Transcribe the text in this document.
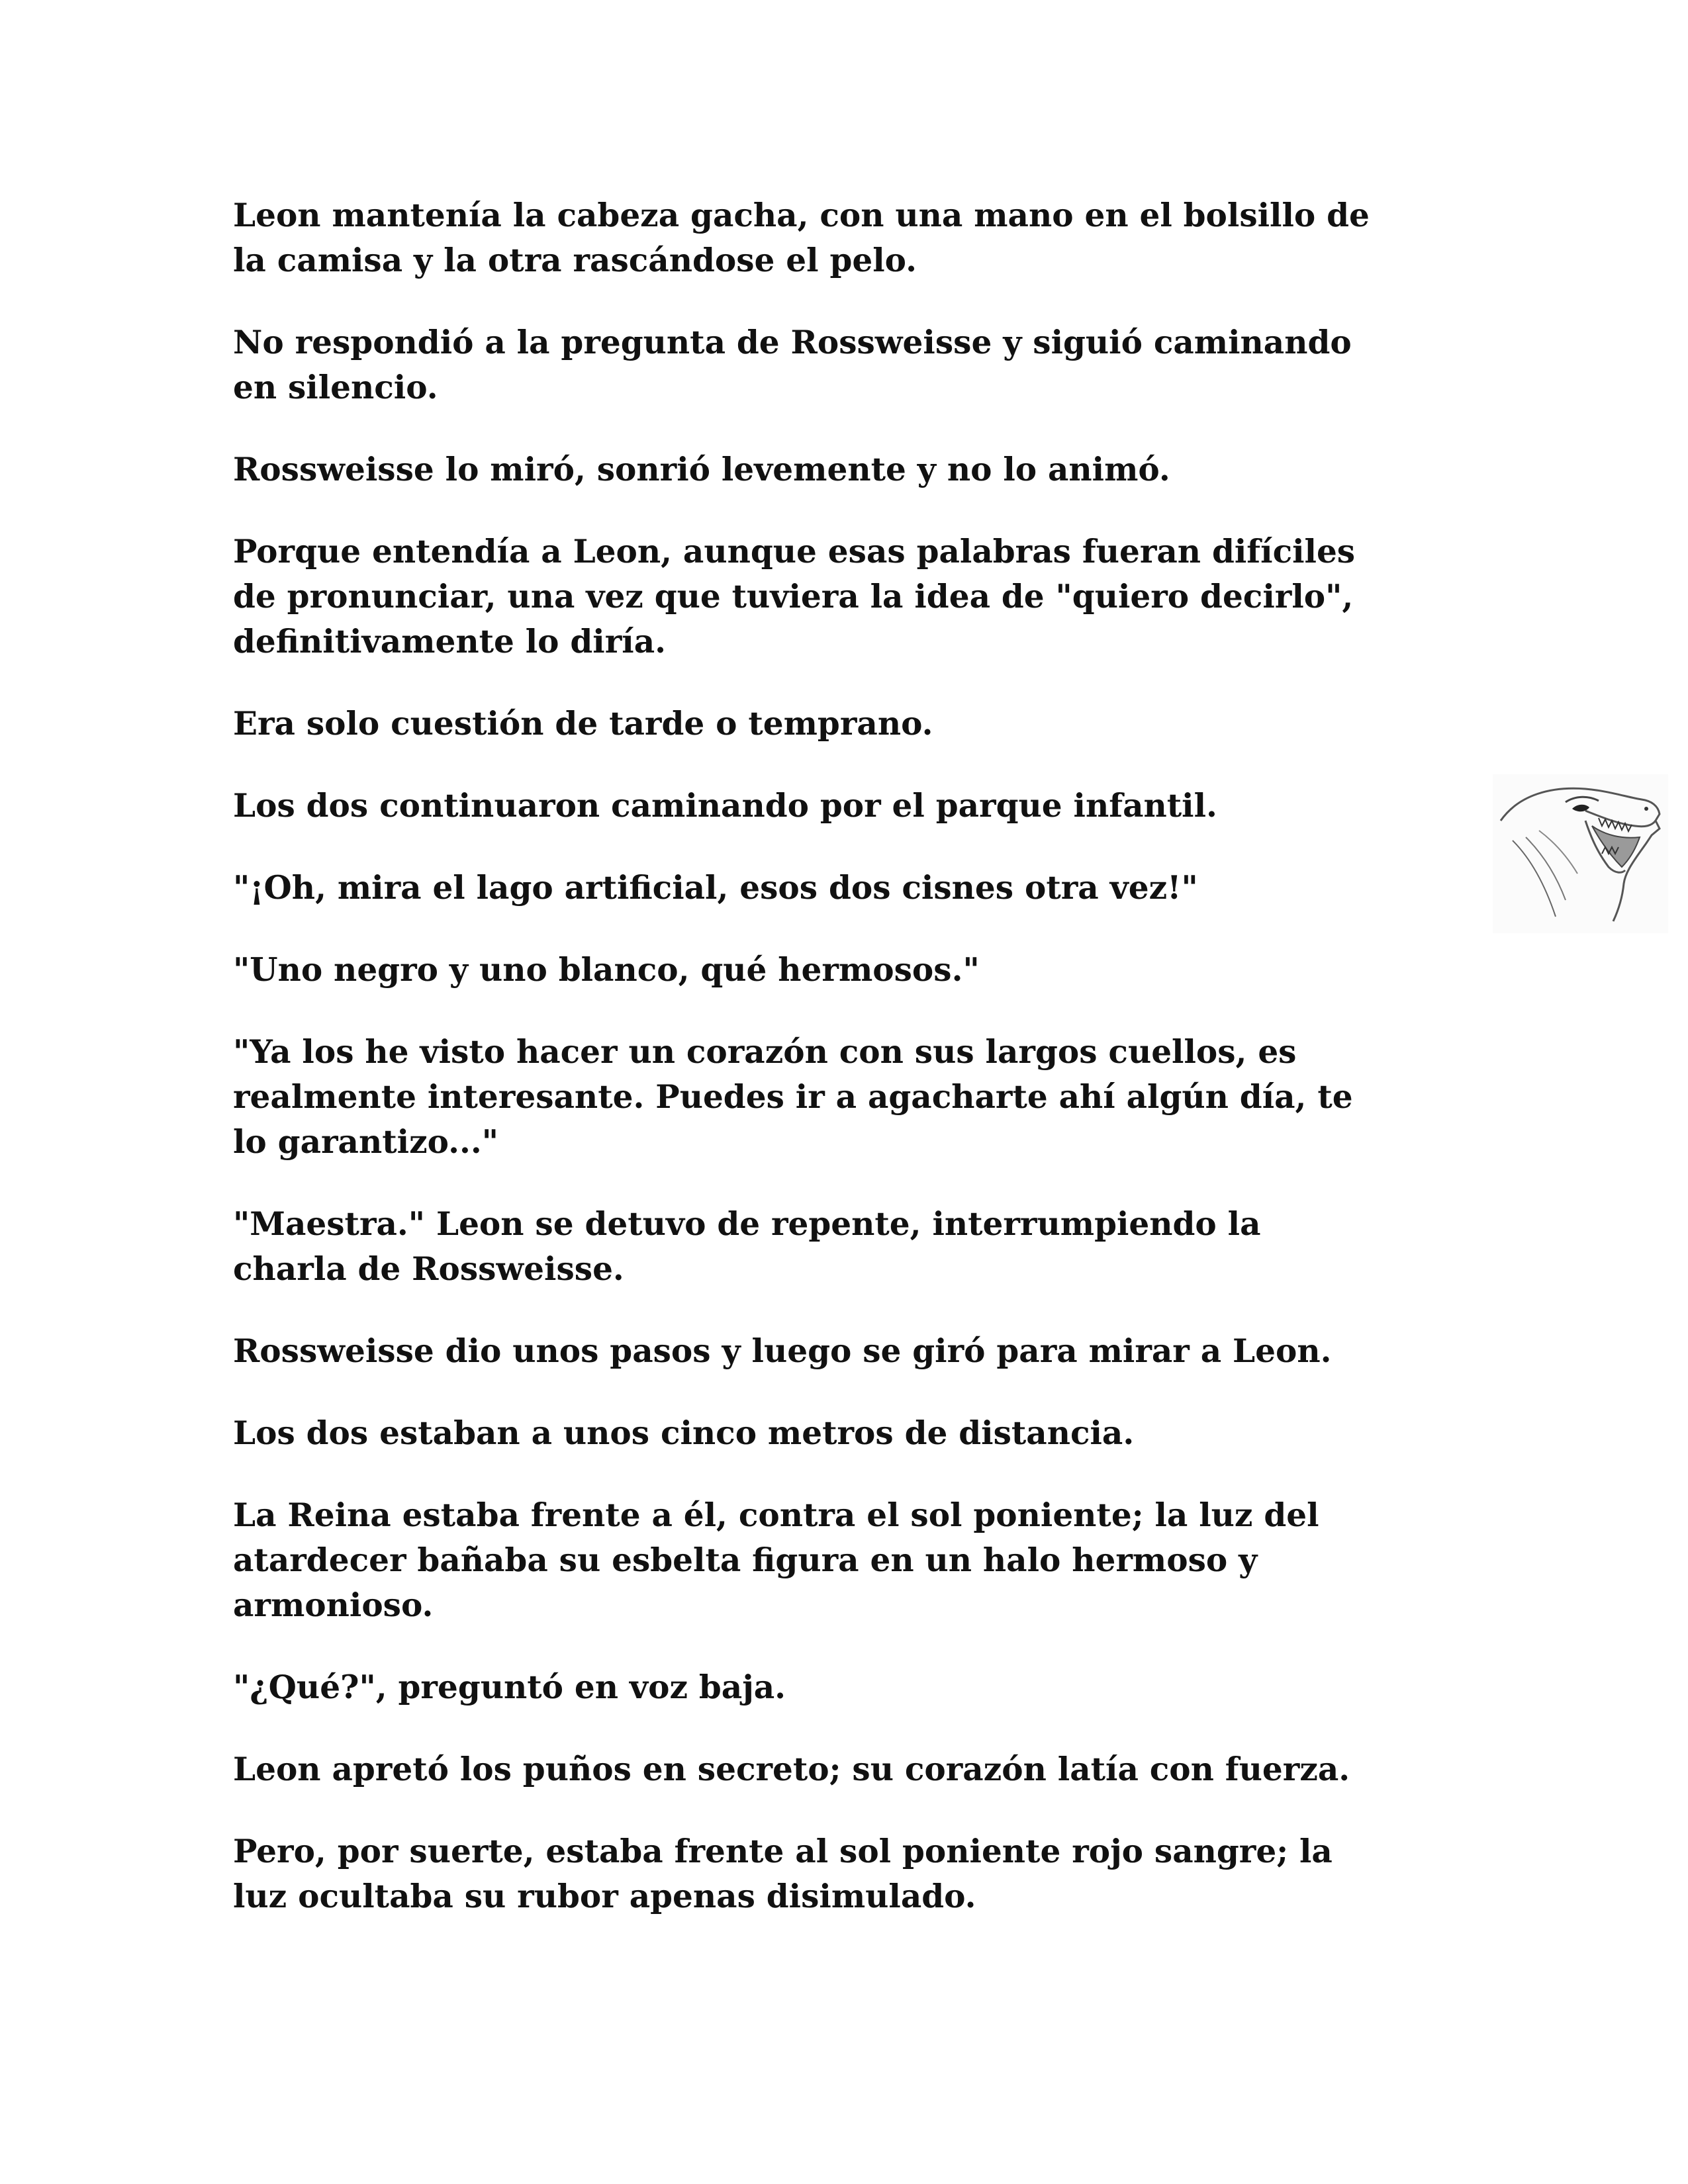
Leon mantenía la cabeza gacha, con una mano en el bolsillo de
la camisa y la otra rascándose el pelo.

No respondió a la pregunta de Rossweisse y siguió caminando
en silencio.

Rossweisse lo miró, sonrió levemente y no lo animó.

Porque entendía a Leon, aunque esas palabras fueran difíciles
de pronunciar, una vez que tuviera la idea de "quiero decirlo",
definitivamente lo diría.

Era solo cuestión de tarde o temprano.

Los dos continuaron caminando por el parque infantil.

"¡Oh, mira el lago artificial, esos dos cisnes otra vez!"

"Uno negro y uno blanco, qué hermosos."

"Ya los he visto hacer un corazón con sus largos cuellos, es
realmente interesante. Puedes ir a agacharte ahí algún día, te
lo garantizo..."

"Maestra." Leon se detuvo de repente, interrumpiendo la
charla de Rossweisse.

Rossweisse dio unos pasos y luego se giró para mirar a Leon.

Los dos estaban a unos cinco metros de distancia.

La Reina estaba frente a él, contra el sol poniente; la luz del
atardecer bañaba su esbelta figura en un halo hermoso y
armonioso.

"¿Qué?", preguntó en voz baja.

Leon apretó los puños en secreto; su corazón latía con fuerza.

Pero, por suerte, estaba frente al sol poniente rojo sangre; la
luz ocultaba su rubor apenas disimulado.
